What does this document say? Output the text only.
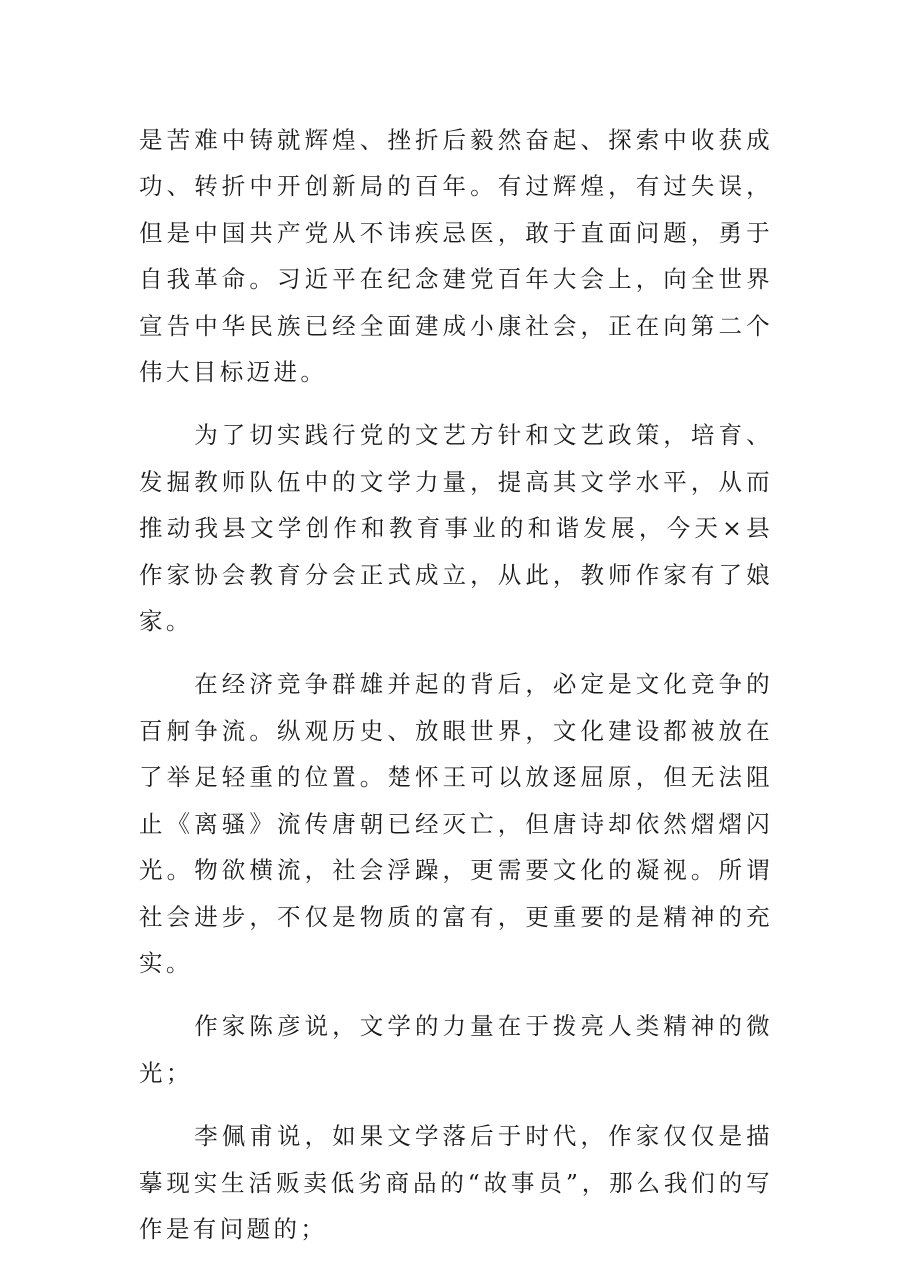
是苦难中铸就辉煌、挫折后毅然奋起、探索中收获成功、转折中开创新局的百年。有过辉煌，有过失误，但是中国共产党从不讳疾忌医，敢于直面问题，勇于自我革命。习近平在纪念建党百年大会上，向全世界宣告中华民族已经全面建成小康社会，正在向第二个伟大目标迈进。

　　为了切实践行党的文艺方针和文艺政策，培育、发掘教师队伍中的文学力量，提高其文学水平，从而推动我县文学创作和教育事业的和谐发展，今天×县作家协会教育分会正式成立，从此，教师作家有了娘家。

　　在经济竞争群雄并起的背后，必定是文化竞争的百舸争流。纵观历史、放眼世界，文化建设都被放在了举足轻重的位置。楚怀王可以放逐屈原，但无法阻止《离骚》流传唐朝已经灭亡，但唐诗却依然熠熠闪光。物欲横流，社会浮躁，更需要文化的凝视。所谓社会进步，不仅是物质的富有，更重要的是精神的充实。

　　作家陈彦说，文学的力量在于拨亮人类精神的微光；

　　李佩甫说，如果文学落后于时代，作家仅仅是描摹现实生活贩卖低劣商品的“故事员”，那么我们的写作是有问题的；
